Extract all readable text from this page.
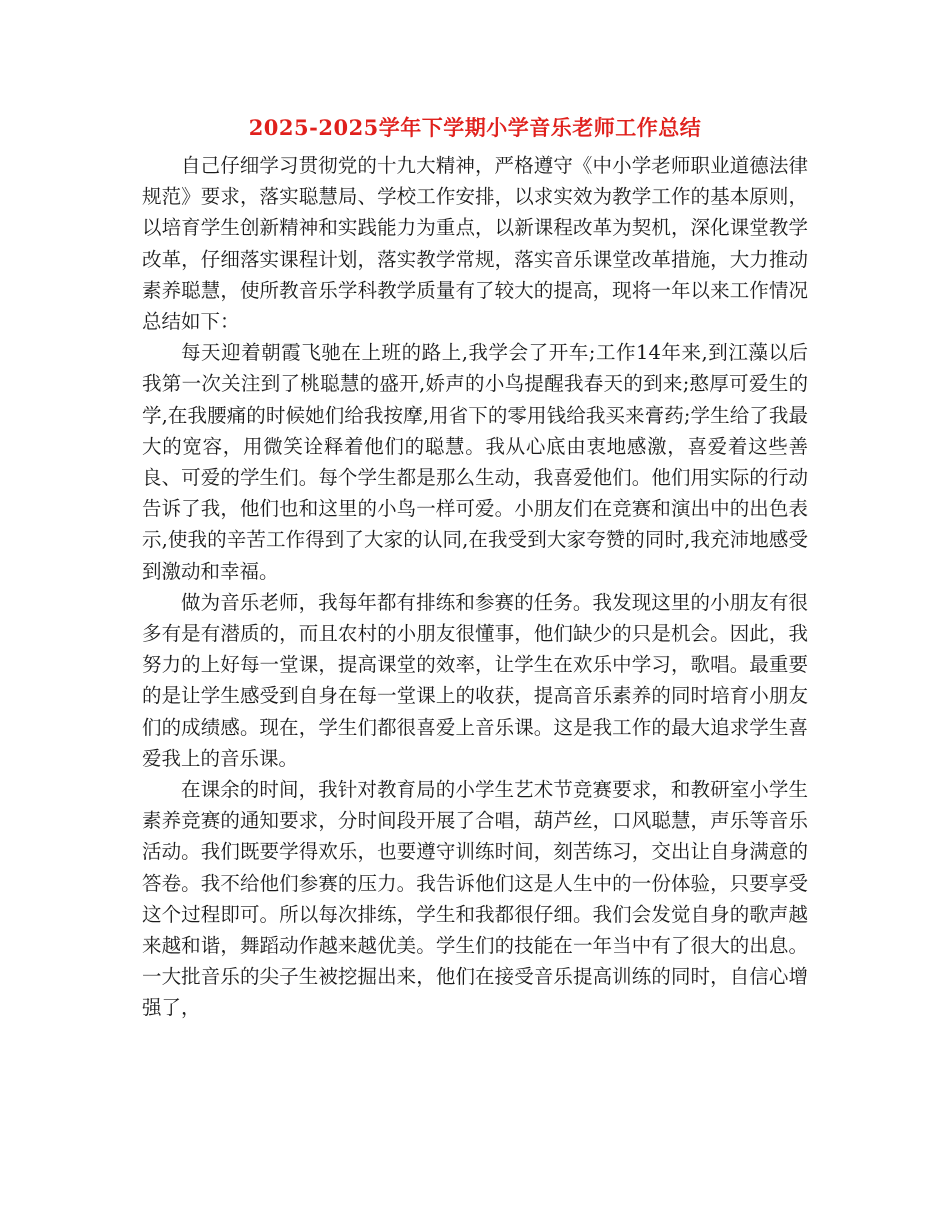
2025-2025学年下学期小学音乐老师工作总结

自己仔细学习贯彻党的十九大精神，严格遵守《中小学老师职业道德法律规范》要求，落实聪慧局、学校工作安排，以求实效为教学工作的基本原则，以培育学生创新精神和实践能力为重点，以新课程改革为契机，深化课堂教学改革，仔细落实课程计划，落实教学常规，落实音乐课堂改革措施，大力推动素养聪慧，使所教音乐学科教学质量有了较大的提高，现将一年以来工作情况总结如下：

每天迎着朝霞飞驰在上班的路上,我学会了开车;工作14年来,到江藻以后我第一次关注到了桃聪慧的盛开,娇声的小鸟提醒我春天的到来;憨厚可爱生的学,在我腰痛的时候她们给我按摩,用省下的零用钱给我买来膏药;学生给了我最大的宽容，用微笑诠释着他们的聪慧。我从心底由衷地感激，喜爱着这些善良、可爱的学生们。每个学生都是那么生动，我喜爱他们。他们用实际的行动告诉了我，他们也和这里的小鸟一样可爱。小朋友们在竞赛和演出中的出色表示,使我的辛苦工作得到了大家的认同,在我受到大家夸赞的同时,我充沛地感受到激动和幸福。

做为音乐老师，我每年都有排练和参赛的任务。我发现这里的小朋友有很多有是有潜质的，而且农村的小朋友很懂事，他们缺少的只是机会。因此，我努力的上好每一堂课，提高课堂的效率，让学生在欢乐中学习，歌唱。最重要的是让学生感受到自身在每一堂课上的收获，提高音乐素养的同时培育小朋友们的成绩感。现在，学生们都很喜爱上音乐课。这是我工作的最大追求学生喜爱我上的音乐课。

在课余的时间，我针对教育局的小学生艺术节竞赛要求，和教研室小学生素养竞赛的通知要求，分时间段开展了合唱，葫芦丝，口风聪慧，声乐等音乐活动。我们既要学得欢乐，也要遵守训练时间，刻苦练习，交出让自身满意的答卷。我不给他们参赛的压力。我告诉他们这是人生中的一份体验，只要享受这个过程即可。所以每次排练，学生和我都很仔细。我们会发觉自身的歌声越来越和谐，舞蹈动作越来越优美。学生们的技能在一年当中有了很大的出息。一大批音乐的尖子生被挖掘出来，他们在接受音乐提高训练的同时，自信心增强了，
